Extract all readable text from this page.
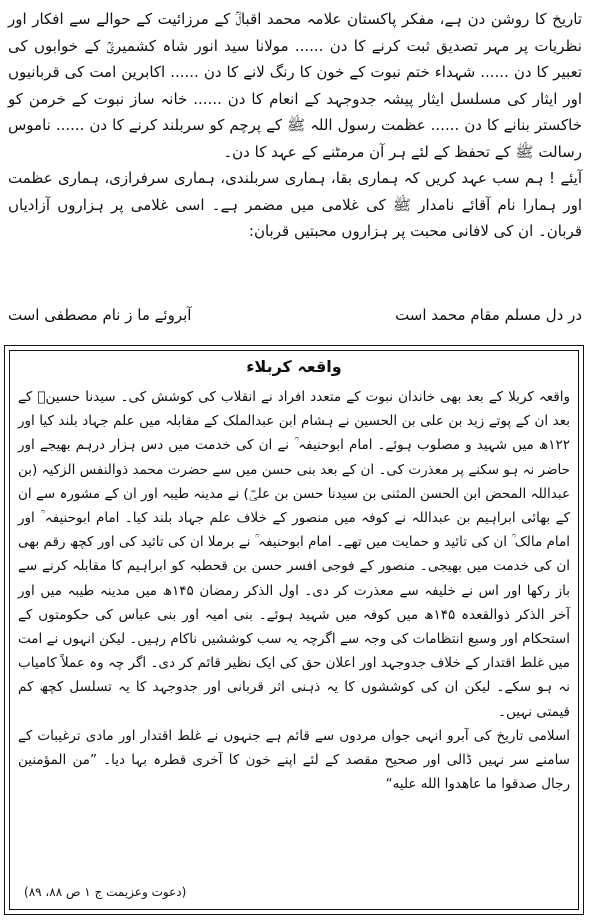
تاریخ کا روشن دن ہے، مفکر پاکستان علامہ محمد اقبالؒ کے مرزائیت کے حوالے سے افکار اور نظریات پر مہر تصدیق ثبت کرنے کا دن ...... مولانا سید انور شاہ کشمیریؒ کے خوابوں کی تعبیر کا دن ...... شہداء ختم نبوت کے خون کا رنگ لانے کا دن ...... اکابرین امت کی قربانیوں اور ایثار کی مسلسل ایثار پیشہ جدوجہد کے انعام کا دن ...... خانہ ساز نبوت کے خرمن کو خاکستر بنانے کا دن ...... عظمت رسول اللہ ﷺ کے پرچم کو سربلند کرنے کا دن ...... ناموس رسالت ﷺ کے تحفظ کے لئے ہر آن مرمٹنے کے عہد کا دن۔

آیئے ! ہم سب عہد کریں کہ ہماری بقا، ہماری سربلندی، ہماری سرفرازی، ہماری عظمت اور ہمارا نام آقائے نامدار ﷺ کی غلامی میں مضمر ہے۔ اسی غلامی پر ہزاروں آزادیاں قربان۔ ان کی لافانی محبت پر ہزاروں محبتیں قربان:

در دل مسلم مقام محمد است
آبروئے ما ز نام مصطفی است
واقعہ کربلاء

واقعہ کربلا کے بعد بھی خاندان نبوت کے متعدد افراد نے انقلاب کی کوشش کی۔ سیدنا حسینؓ کے بعد ان کے پوتے زید بن علی بن الحسین نے ہشام ابن عبدالملک کے مقابلہ میں علم جہاد بلند کیا اور ۱۲۲ھ میں شہید و مصلوب ہوئے۔ امام ابوحنیفہ ؒ نے ان کی خدمت میں دس ہزار درہم بھیجے اور حاضر نہ ہو سکنے پر معذرت کی۔ ان کے بعد بنی حسن میں سے حضرت محمد ذوالنفس الزکیہ (بن عبداللہ المحض ابن الحسن المثنی بن سیدنا حسن بن علیؓ) نے مدینہ طیبہ اور ان کے مشورہ سے ان کے بھائی ابراہیم بن عبداللہ نے کوفہ میں منصور کے خلاف علم جہاد بلند کیا۔ امام ابوحنیفہ ؒ اور امام مالک ؒ ان کی تائید و حمایت میں تھے۔ امام ابوحنیفہ ؒ نے برملا ان کی تائید کی اور کچھ رقم بھی ان کی خدمت میں بھیجی۔ منصور کے فوجی افسر حسن بن قحطبہ کو ابراہیم کا مقابلہ کرنے سے باز رکھا اور اس نے خلیفہ سے معذرت کر دی۔ اول الذکر رمضان ۱۴۵ھ میں مدینہ طیبہ میں اور آخر الذکر ذوالقعدہ ۱۴۵ھ میں کوفہ میں شہید ہوئے۔ بنی امیہ اور بنی عباس کی حکومتوں کے استحکام اور وسیع انتظامات کی وجہ سے اگرچہ یہ سب کوششیں ناکام رہیں۔ لیکن انہوں نے امت میں غلط اقتدار کے خلاف جدوجہد اور اعلان حق کی ایک نظیر قائم کر دی۔ اگر چہ وہ عملاً کامیاب نہ ہو سکے۔ لیکن ان کی کوششوں کا یہ ذہنی اثر قربانی اور جدوجہد کا یہ تسلسل کچھ کم قیمتی نہیں۔

اسلامی تاریخ کی آبرو انہی جواں مردوں سے قائم ہے جنہوں نے غلط اقتدار اور مادی ترغیبات کے سامنے سر نہیں ڈالی اور صحیح مقصد کے لئے اپنے خون کا آخری قطرہ بہا دیا۔ ”من المؤمنین رجال صدقوا ما عاهدوا الله علیه“

(دعوت وعزیمت ج ۱ ص ۸۸، ۸۹)
